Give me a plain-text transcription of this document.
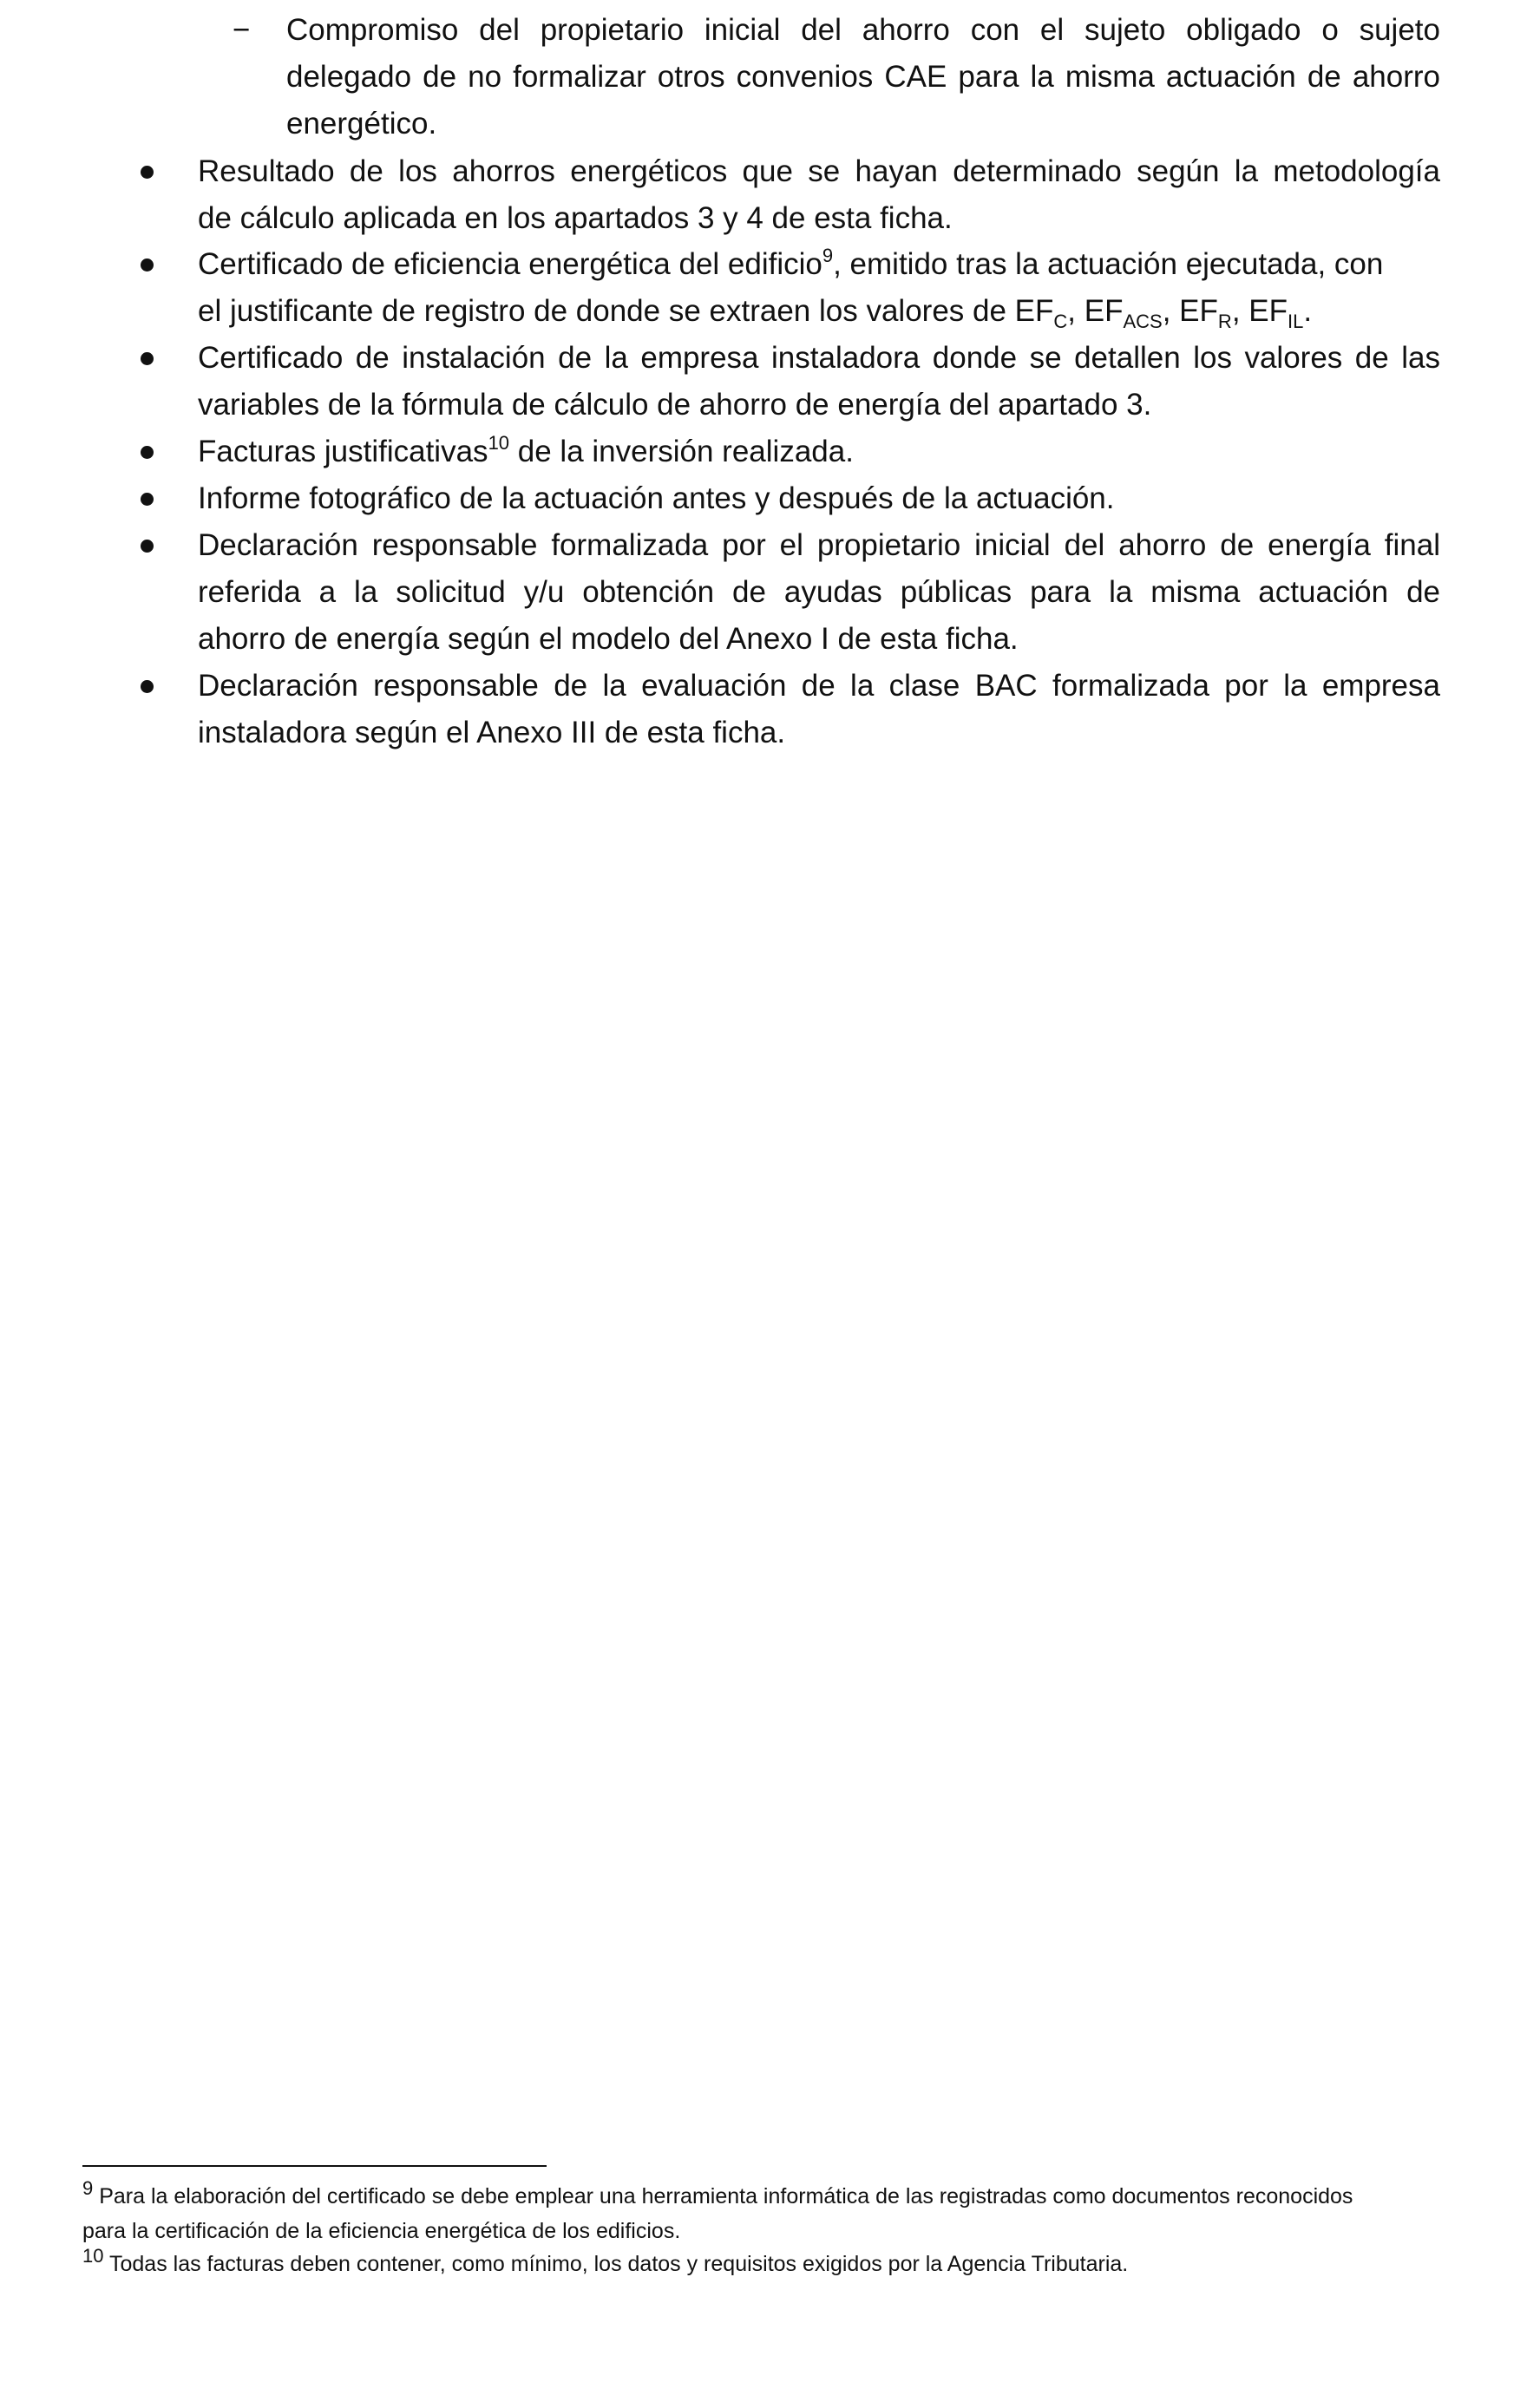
− Compromiso del propietario inicial del ahorro con el sujeto obligado o sujeto
delegado de no formalizar otros convenios CAE para la misma actuación de ahorro
energético.
Resultado de los ahorros energéticos que se hayan determinado según la metodología
de cálculo aplicada en los apartados 3 y 4 de esta ficha.
Certificado de eficiencia energética del edificio$^9$, emitido tras la actuación ejecutada, con
el justificante de registro de donde se extraen los valores de $EF_C$, $EF_{ACS}$, $EF_R$, $EF_{IL}$.
Certificado de instalación de la empresa instaladora donde se detallen los valores de las
variables de la fórmula de cálculo de ahorro de energía del apartado 3.
Facturas justificativas$^{10}$ de la inversión realizada.
Informe fotográfico de la actuación antes y después de la actuación.
Declaración responsable formalizada por el propietario inicial del ahorro de energía final
referida a la solicitud y/u obtención de ayudas públicas para la misma actuación de
ahorro de energía según el modelo del Anexo I de esta ficha.
Declaración responsable de la evaluación de la clase BAC formalizada por la empresa
instaladora según el Anexo III de esta ficha.
$^9$ Para la elaboración del certificado se debe emplear una herramienta informática de las registradas como documentos reconocidos
para la certificación de la eficiencia energética de los edificios.
$^{10}$ Todas las facturas deben contener, como mínimo, los datos y requisitos exigidos por la Agencia Tributaria.
